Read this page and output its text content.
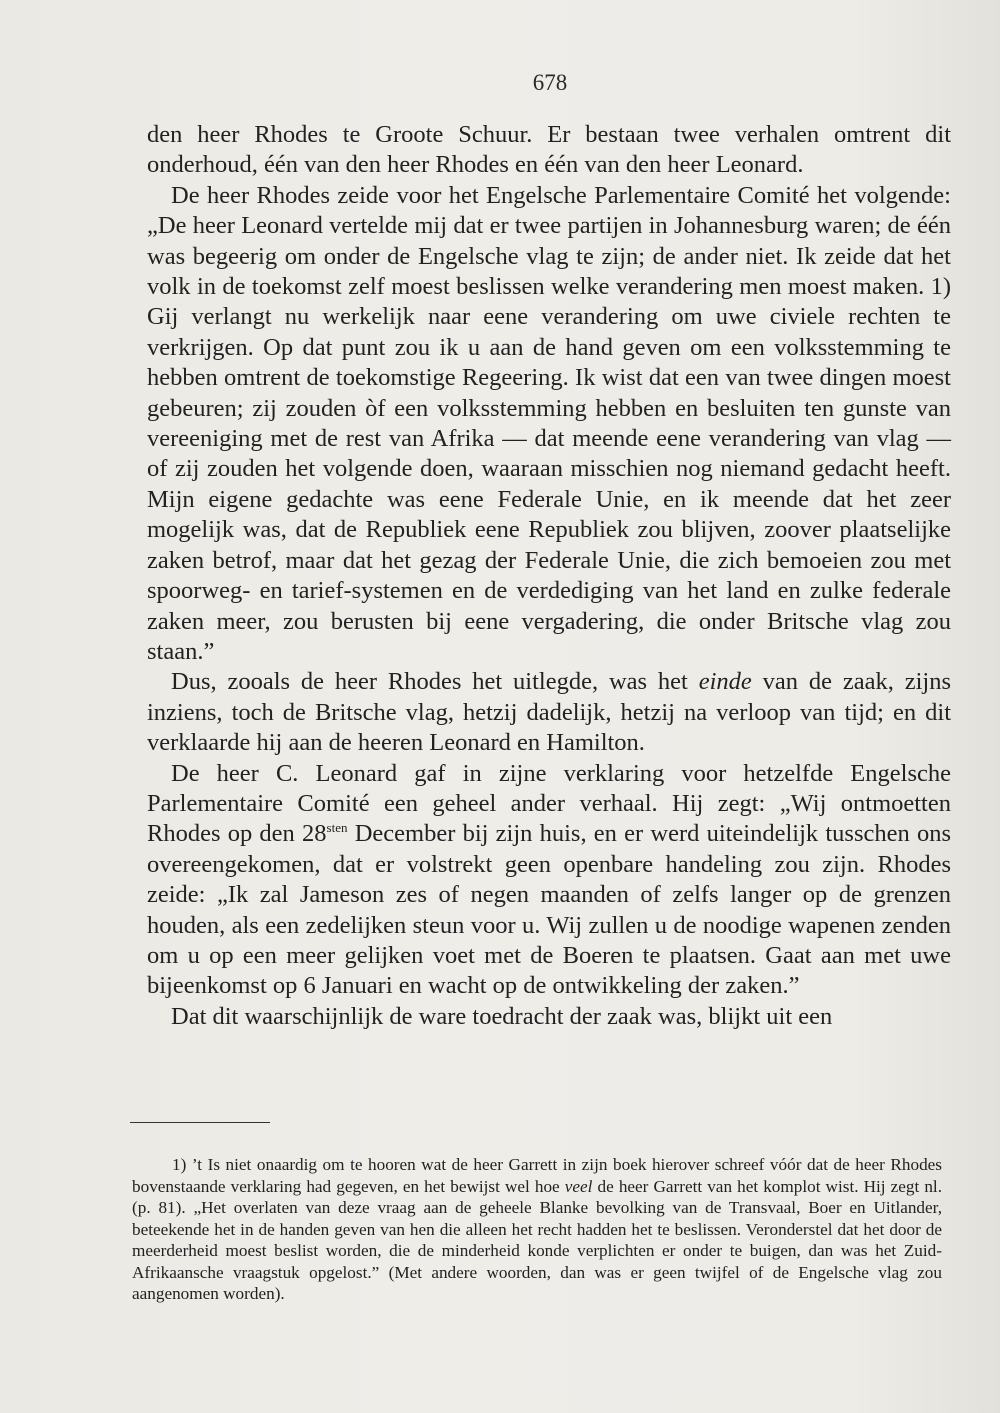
678

den heer Rhodes te Groote Schuur. Er bestaan twee verhalen omtrent dit onderhoud, één van den heer Rhodes en één van den heer Leonard.

De heer Rhodes zeide voor het Engelsche Parlementaire Comité het volgende: „De heer Leonard vertelde mij dat er twee partijen in Johannesburg waren; de één was begeerig om onder de Engelsche vlag te zijn; de ander niet. Ik zeide dat het volk in de toekomst zelf moest beslissen welke verandering men moest maken. 1) Gij verlangt nu werkelijk naar eene verandering om uwe civiele rechten te verkrijgen. Op dat punt zou ik u aan de hand geven om een volksstemming te hebben omtrent de toekomstige Regeering. Ik wist dat een van twee dingen moest gebeuren; zij zouden òf een volksstemming hebben en besluiten ten gunste van vereeniging met de rest van Afrika — dat meende eene verandering van vlag — of zij zouden het volgende doen, waaraan misschien nog niemand gedacht heeft. Mijn eigene gedachte was eene Federale Unie, en ik meende dat het zeer mogelijk was, dat de Republiek eene Republiek zou blijven, zoover plaatselijke zaken betrof, maar dat het gezag der Federale Unie, die zich bemoeien zou met spoorweg- en tarief-systemen en de verdediging van het land en zulke federale zaken meer, zou berusten bij eene vergadering, die onder Britsche vlag zou staan.”

Dus, zooals de heer Rhodes het uitlegde, was het einde van de zaak, zijns inziens, toch de Britsche vlag, hetzij dadelijk, hetzij na verloop van tijd; en dit verklaarde hij aan de heeren Leonard en Hamilton.

De heer C. Leonard gaf in zijne verklaring voor hetzelfde Engelsche Parlementaire Comité een geheel ander verhaal. Hij zegt: „Wij ontmoetten Rhodes op den $28^{sten}$ December bij zijn huis, en er werd uiteindelijk tusschen ons overeengekomen, dat er volstrekt geen openbare handeling zou zijn. Rhodes zeide: „Ik zal Jameson zes of negen maanden of zelfs langer op de grenzen houden, als een zedelijken steun voor u. Wij zullen u de noodige wapenen zenden om u op een meer gelijken voet met de Boeren te plaatsen. Gaat aan met uwe bijeenkomst op 6 Januari en wacht op de ontwikkeling der zaken.”

Dat dit waarschijnlijk de ware toedracht der zaak was, blijkt uit een

1) ’t Is niet onaardig om te hooren wat de heer Garrett in zijn boek hierover schreef vóór dat de heer Rhodes bovenstaande verklaring had gegeven, en het bewijst wel hoe veel de heer Garrett van het komplot wist. Hij zegt nl. (p. 81). „Het overlaten van deze vraag aan de geheele Blanke bevolking van de Transvaal, Boer en Uitlander, beteekende het in de handen geven van hen die alleen het recht hadden het te beslissen. Veronderstel dat het door de meerderheid moest beslist worden, die de minderheid konde verplichten er onder te buigen, dan was het Zuid-Afrikaansche vraagstuk opgelost.” (Met andere woorden, dan was er geen twijfel of de Engelsche vlag zou aangenomen worden).
